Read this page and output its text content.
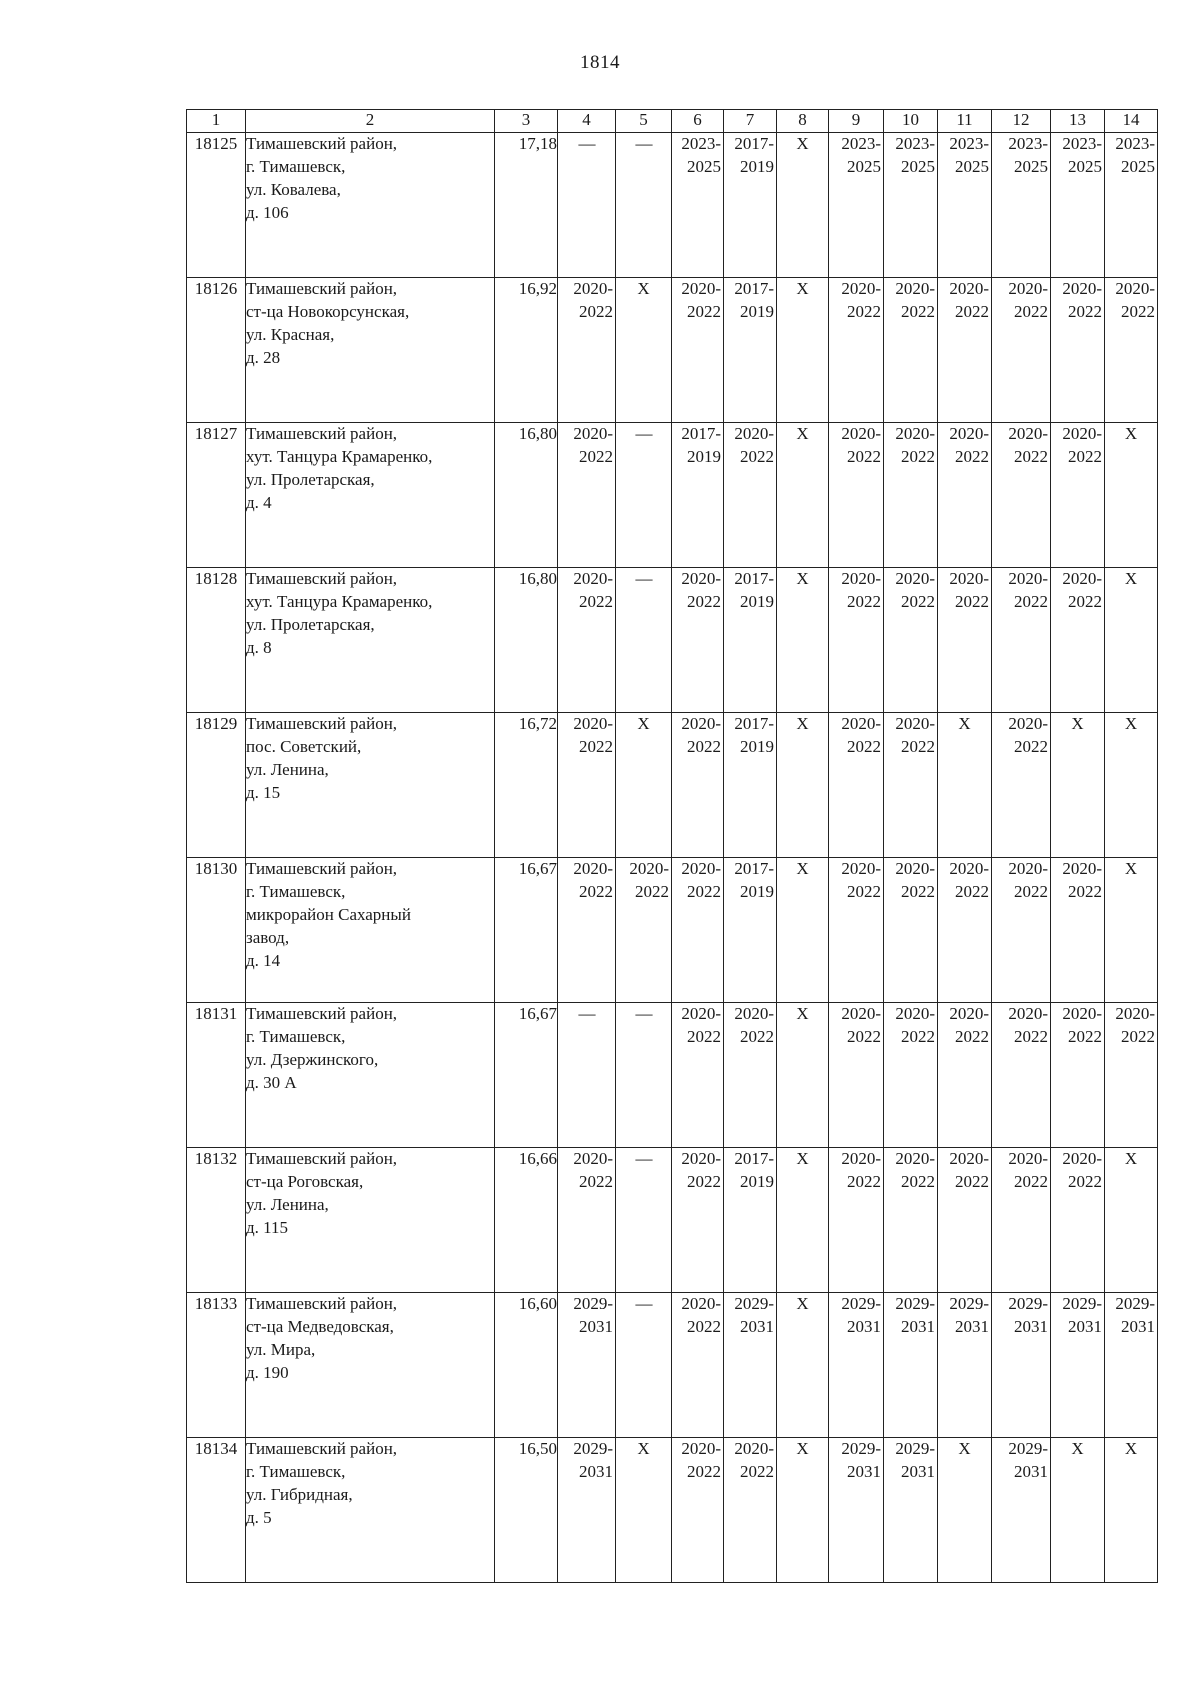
1814
1	2	3	4	5	6	7	8	9	10	11	12	13	14
18125	Тимашевский район,
г. Тимашевск,
ул. Ковалева,
д. 106	17,18	—	—	2023-
2025	2017-
2019	X	2023-
2025	2023-
2025	2023-
2025	2023-
2025	2023-
2025	2023-
2025

18126	Тимашевский район,
ст-ца Новокорсунская,
ул. Красная,
д. 28	16,92	2020-
2022	X	2020-
2022	2017-
2019	X	2020-
2022	2020-
2022	2020-
2022	2020-
2022	2020-
2022	2020-
2022

18127	Тимашевский район,
хут. Танцура Крамаренко,
ул. Пролетарская,
д. 4	16,80	2020-
2022	—	2017-
2019	2020-
2022	X	2020-
2022	2020-
2022	2020-
2022	2020-
2022	2020-
2022	X

18128	Тимашевский район,
хут. Танцура Крамаренко,
ул. Пролетарская,
д. 8	16,80	2020-
2022	—	2020-
2022	2017-
2019	X	2020-
2022	2020-
2022	2020-
2022	2020-
2022	2020-
2022	X

18129	Тимашевский район,
пос. Советский,
ул. Ленина,
д. 15	16,72	2020-
2022	X	2020-
2022	2017-
2019	X	2020-
2022	2020-
2022	X	2020-
2022	X	X

18130	Тимашевский район,
г. Тимашевск,
микрорайон Сахарный
завод,
д. 14	16,67	2020-
2022	2020-
2022	2020-
2022	2017-
2019	X	2020-
2022	2020-
2022	2020-
2022	2020-
2022	2020-
2022	X

18131	Тимашевский район,
г. Тимашевск,
ул. Дзержинского,
д. 30 А	16,67	—	—	2020-
2022	2020-
2022	X	2020-
2022	2020-
2022	2020-
2022	2020-
2022	2020-
2022	2020-
2022

18132	Тимашевский район,
ст-ца Роговская,
ул. Ленина,
д. 115	16,66	2020-
2022	—	2020-
2022	2017-
2019	X	2020-
2022	2020-
2022	2020-
2022	2020-
2022	2020-
2022	X

18133	Тимашевский район,
ст-ца Медведовская,
ул. Мира,
д. 190	16,60	2029-
2031	—	2020-
2022	2029-
2031	X	2029-
2031	2029-
2031	2029-
2031	2029-
2031	2029-
2031	2029-
2031

18134	Тимашевский район,
г. Тимашевск,
ул. Гибридная,
д. 5	16,50	2029-
2031	X	2020-
2022	2020-
2022	X	2029-
2031	2029-
2031	X	2029-
2031	X	X
